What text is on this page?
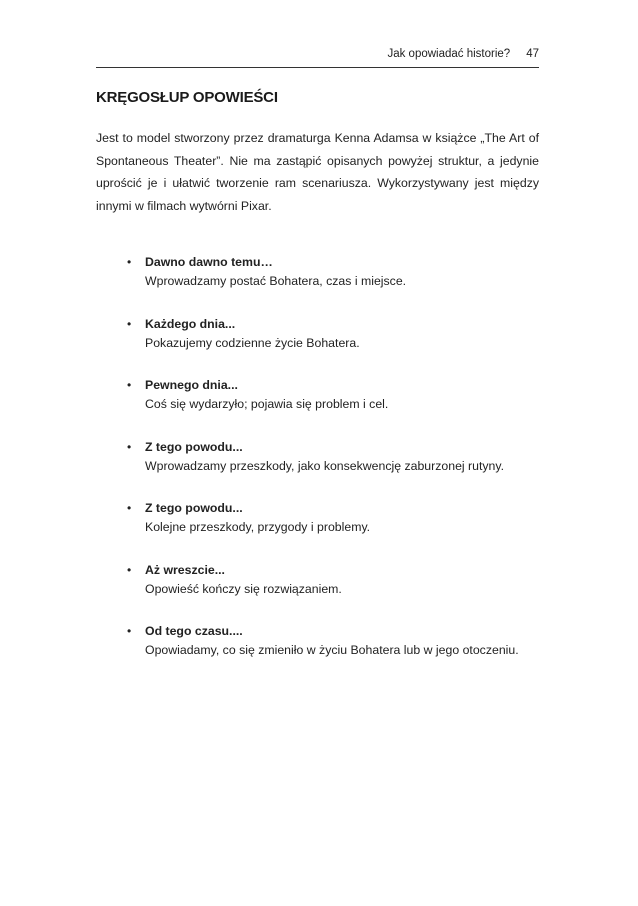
Jak opowiadać historie? 47
KRĘGOSŁUP OPOWIEŚCI

Jest to model stworzony przez dramaturga Kenna Adamsa w książce „The Art of Spontaneous Theater”. Nie ma zastąpić opisanych powyżej struktur, a jedynie uprościć je i ułatwić tworzenie ram scenariusza. Wykorzystywany jest między innymi w filmach wytwórni Pixar.

• Dawno dawno temu…
Wprowadzamy postać Bohatera, czas i miejsce.
• Każdego dnia...
Pokazujemy codzienne życie Bohatera.
• Pewnego dnia...
Coś się wydarzyło; pojawia się problem i cel.
• Z tego powodu...
Wprowadzamy przeszkody, jako konsekwencję zaburzonej rutyny.
• Z tego powodu...
Kolejne przeszkody, przygody i problemy.
• Aż wreszcie...
Opowieść kończy się rozwiązaniem.
• Od tego czasu....
Opowiadamy, co się zmieniło w życiu Bohatera lub w jego otoczeniu.
